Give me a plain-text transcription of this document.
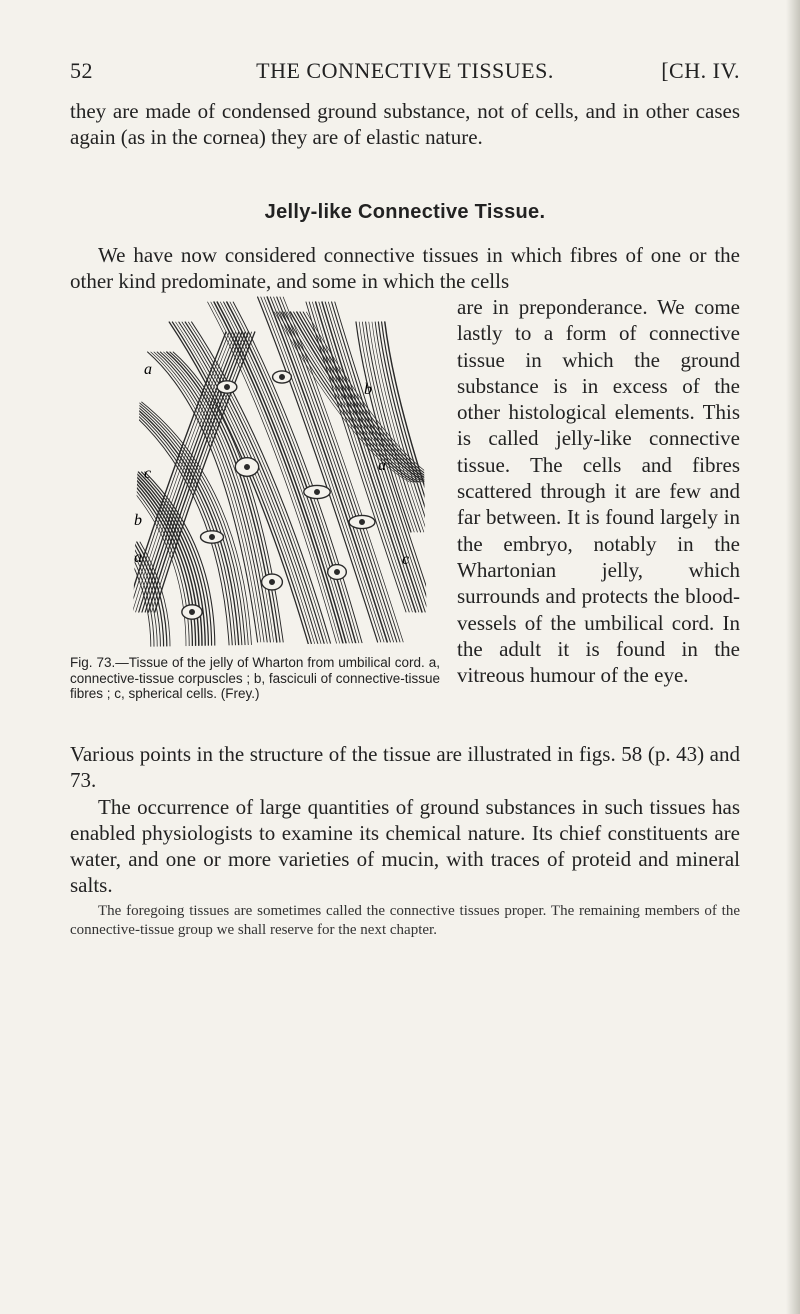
52	THE CONNECTIVE TISSUES.	[CH. IV.
they are made of condensed ground substance, not of cells, and in other cases again (as in the cornea) they are of elastic nature.
Jelly-like Connective Tissue.
We have now considered connective tissues in which fibres of one or the other kind predominate, and some in which the cells
a
b
c	a
b
a	c
are in preponderance. We come lastly to a form of connective tissue in which the ground substance is in excess of the other histological elements. This is called jelly-like connective tissue. The cells and fibres scattered through it are few and far between. It is found largely in the embryo, notably in the Whartonian jelly, which surrounds and protects the blood-vessels of the umbilical cord. In the adult it is found in the vitreous humour of the eye.
Fig. 73.—Tissue of the jelly of Wharton from umbilical cord. a, connective-tissue corpuscles ; b, fasciculi of connective-tissue fibres ; c, spherical cells. (Frey.)
Various points in the structure of the tissue are illustrated in figs. 58 (p. 43) and 73.
The occurrence of large quantities of ground substances in such tissues has enabled physiologists to examine its chemical nature. Its chief constituents are water, and one or more varieties of mucin, with traces of proteid and mineral salts.
The foregoing tissues are sometimes called the connective tissues proper. The remaining members of the connective-tissue group we shall reserve for the next chapter.
